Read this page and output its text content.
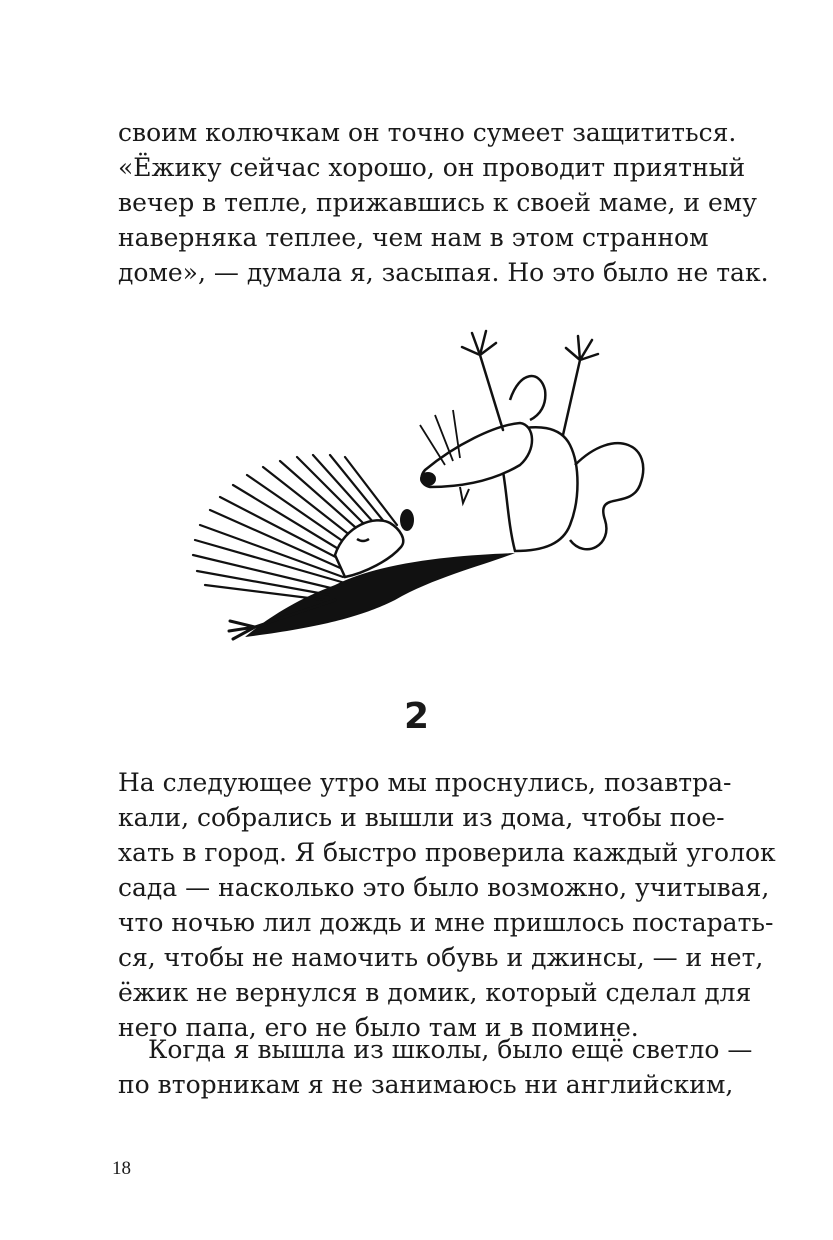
своим колючкам он точно сумеет защититься.
«Ёжику сейчас хорошо, он проводит приятный
вечер в тепле, прижавшись к своей маме, и ему
наверняка теплее, чем нам в этом странном
доме», — думала я, засыпая. Но это было не так.
2
На следующее утро мы проснулись, позавтра-
кали, собрались и вышли из дома, чтобы пое-
хать в город. Я быстро проверила каждый уголок
сада — насколько это было возможно, учитывая,
что ночью лил дождь и мне пришлось постарать-
ся, чтобы не намочить обувь и джинсы, — и нет,
ёжик не вернулся в домик, который сделал для
него папа, его не было там и в помине.
Когда я вышла из школы, было ещё светло —
по вторникам я не занимаюсь ни английским,
18
